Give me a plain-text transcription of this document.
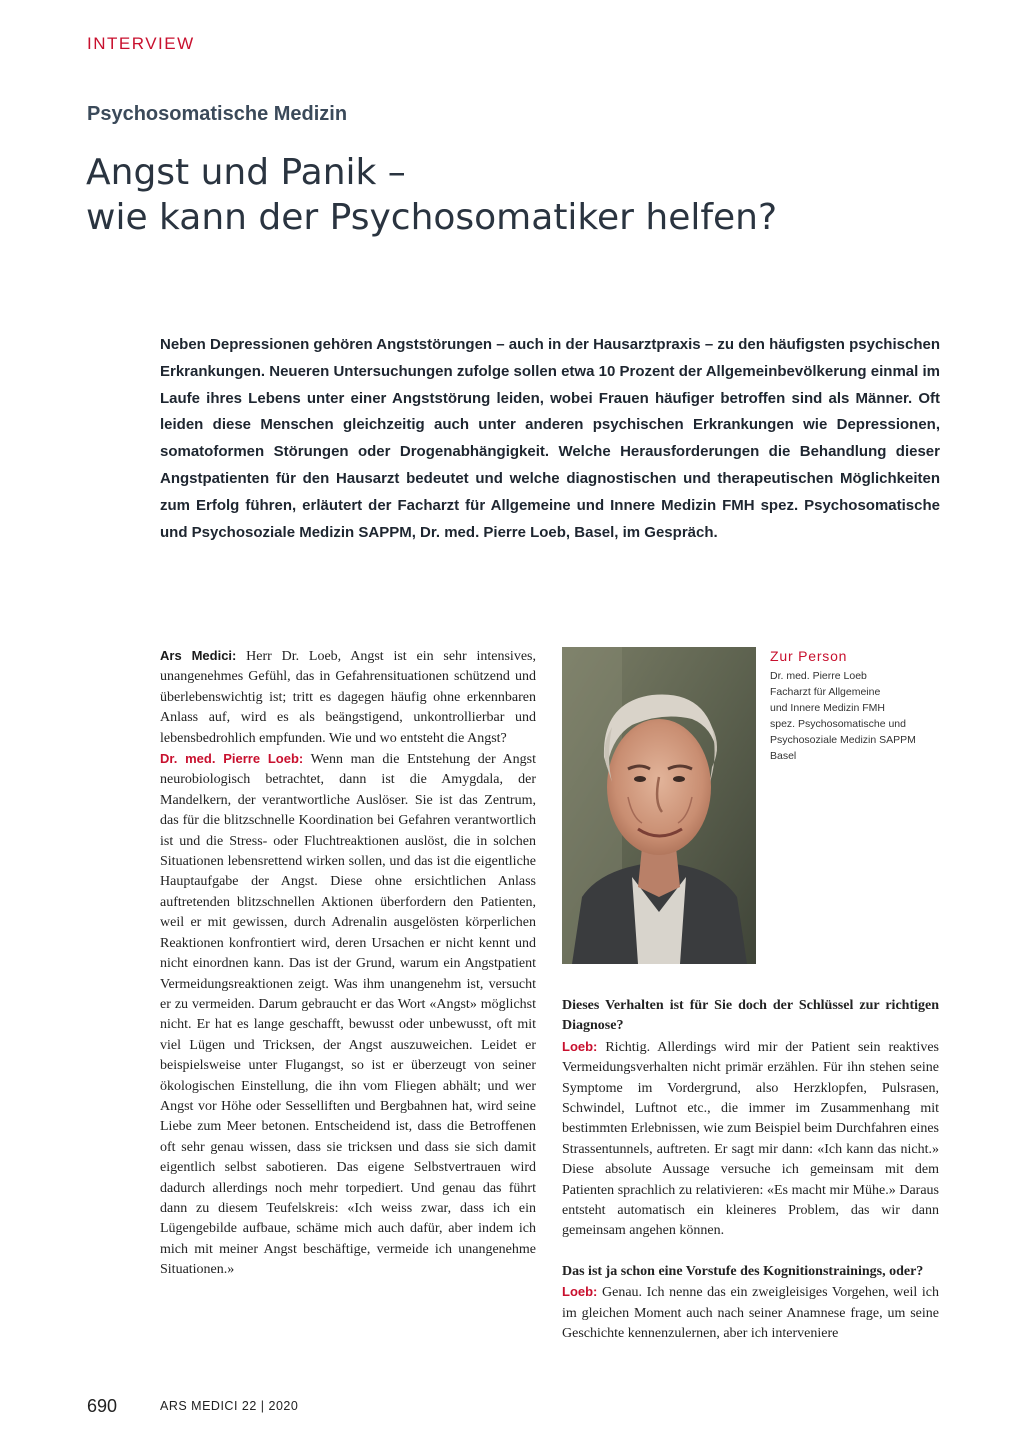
INTERVIEW
Psychosomatische Medizin
Angst und Panik –
wie kann der Psychosomatiker helfen?

Neben Depressionen gehören Angststörungen – auch in der Hausarztpraxis – zu den häufigsten psychischen Erkrankungen. Neueren Untersuchungen zufolge sollen etwa 10 Prozent der Allgemeinbevölkerung einmal im Laufe ihres Lebens unter einer Angststörung leiden, wobei Frauen häufiger betroffen sind als Männer. Oft leiden diese Menschen gleichzeitig auch unter anderen psychischen Erkrankungen wie Depressionen, somatoformen Störungen oder Drogenabhängigkeit. Welche Herausforderungen die Behandlung dieser Angstpatienten für den Hausarzt bedeutet und welche diagnostischen und therapeutischen Möglichkeiten zum Erfolg führen, erläutert der Facharzt für Allgemeine und Innere Medizin FMH spez. Psychosomatische und Psychosoziale Medizin SAPPM, Dr. med. Pierre Loeb, Basel, im Gespräch.

Ars Medici: Herr Dr. Loeb, Angst ist ein sehr intensives, unangenehmes Gefühl, das in Gefahrensituationen schützend und überlebenswichtig ist; tritt es dagegen häufig ohne erkennbaren Anlass auf, wird es als beängstigend, unkontrollierbar und lebensbedrohlich empfunden. Wie und wo entsteht die Angst?

Dr. med. Pierre Loeb: Wenn man die Entstehung der Angst neurobiologisch betrachtet, dann ist die Amygdala, der Mandelkern, der verantwortliche Auslöser. Sie ist das Zentrum, das für die blitzschnelle Koordination bei Gefahren verantwortlich ist und die Stress- oder Fluchtreaktionen auslöst, die in solchen Situationen lebensrettend wirken sollen, und das ist die eigentliche Hauptaufgabe der Angst. Diese ohne ersichtlichen Anlass auftretenden blitzschnellen Aktionen überfordern den Patienten, weil er mit gewissen, durch Adrenalin ausgelösten körperlichen Reaktionen konfrontiert wird, deren Ursachen er nicht kennt und nicht einordnen kann. Das ist der Grund, warum ein Angstpatient Vermeidungsreaktionen zeigt. Was ihm unangenehm ist, versucht er zu vermeiden. Darum gebraucht er das Wort «Angst» möglichst nicht. Er hat es lange geschafft, bewusst oder unbewusst, oft mit viel Lügen und Tricksen, der Angst auszuweichen. Leidet er beispielsweise unter Flugangst, so ist er überzeugt von seiner ökologischen Einstellung, die ihn vom Fliegen abhält; und wer Angst vor Höhe oder Sesselliften und Bergbahnen hat, wird seine Liebe zum Meer betonen. Entscheidend ist, dass die Betroffenen oft sehr genau wissen, dass sie tricksen und dass sie sich damit eigentlich selbst sabotieren. Das eigene Selbstvertrauen wird dadurch allerdings noch mehr torpediert. Und genau das führt dann zu diesem Teufelskreis: «Ich weiss zwar, dass ich ein Lügengebilde aufbaue, schäme mich auch dafür, aber indem ich mich mit meiner Angst beschäftige, vermeide ich unangenehme Situationen.»

Zur Person
Dr. med. Pierre Loeb
Facharzt für Allgemeine
und Innere Medizin FMH
spez. Psychosomatische und
Psychosoziale Medizin SAPPM
Basel

Dieses Verhalten ist für Sie doch der Schlüssel zur richtigen Diagnose?

Loeb: Richtig. Allerdings wird mir der Patient sein reaktives Vermeidungsverhalten nicht primär erzählen. Für ihn stehen seine Symptome im Vordergrund, also Herzklopfen, Pulsrasen, Schwindel, Luftnot etc., die immer im Zusammenhang mit bestimmten Erlebnissen, wie zum Beispiel beim Durchfahren eines Strassentunnels, auftreten. Er sagt mir dann: «Ich kann das nicht.» Diese absolute Aussage versuche ich gemeinsam mit dem Patienten sprachlich zu relativieren: «Es macht mir Mühe.» Daraus entsteht automatisch ein kleineres Problem, das wir dann gemeinsam angehen können.

Das ist ja schon eine Vorstufe des Kognitionstrainings, oder?

Loeb: Genau. Ich nenne das ein zweigleisiges Vorgehen, weil ich im gleichen Moment auch nach seiner Anamnese frage, um seine Geschichte kennenzulernen, aber ich interveniere

690	ARS MEDICI 22 | 2020
